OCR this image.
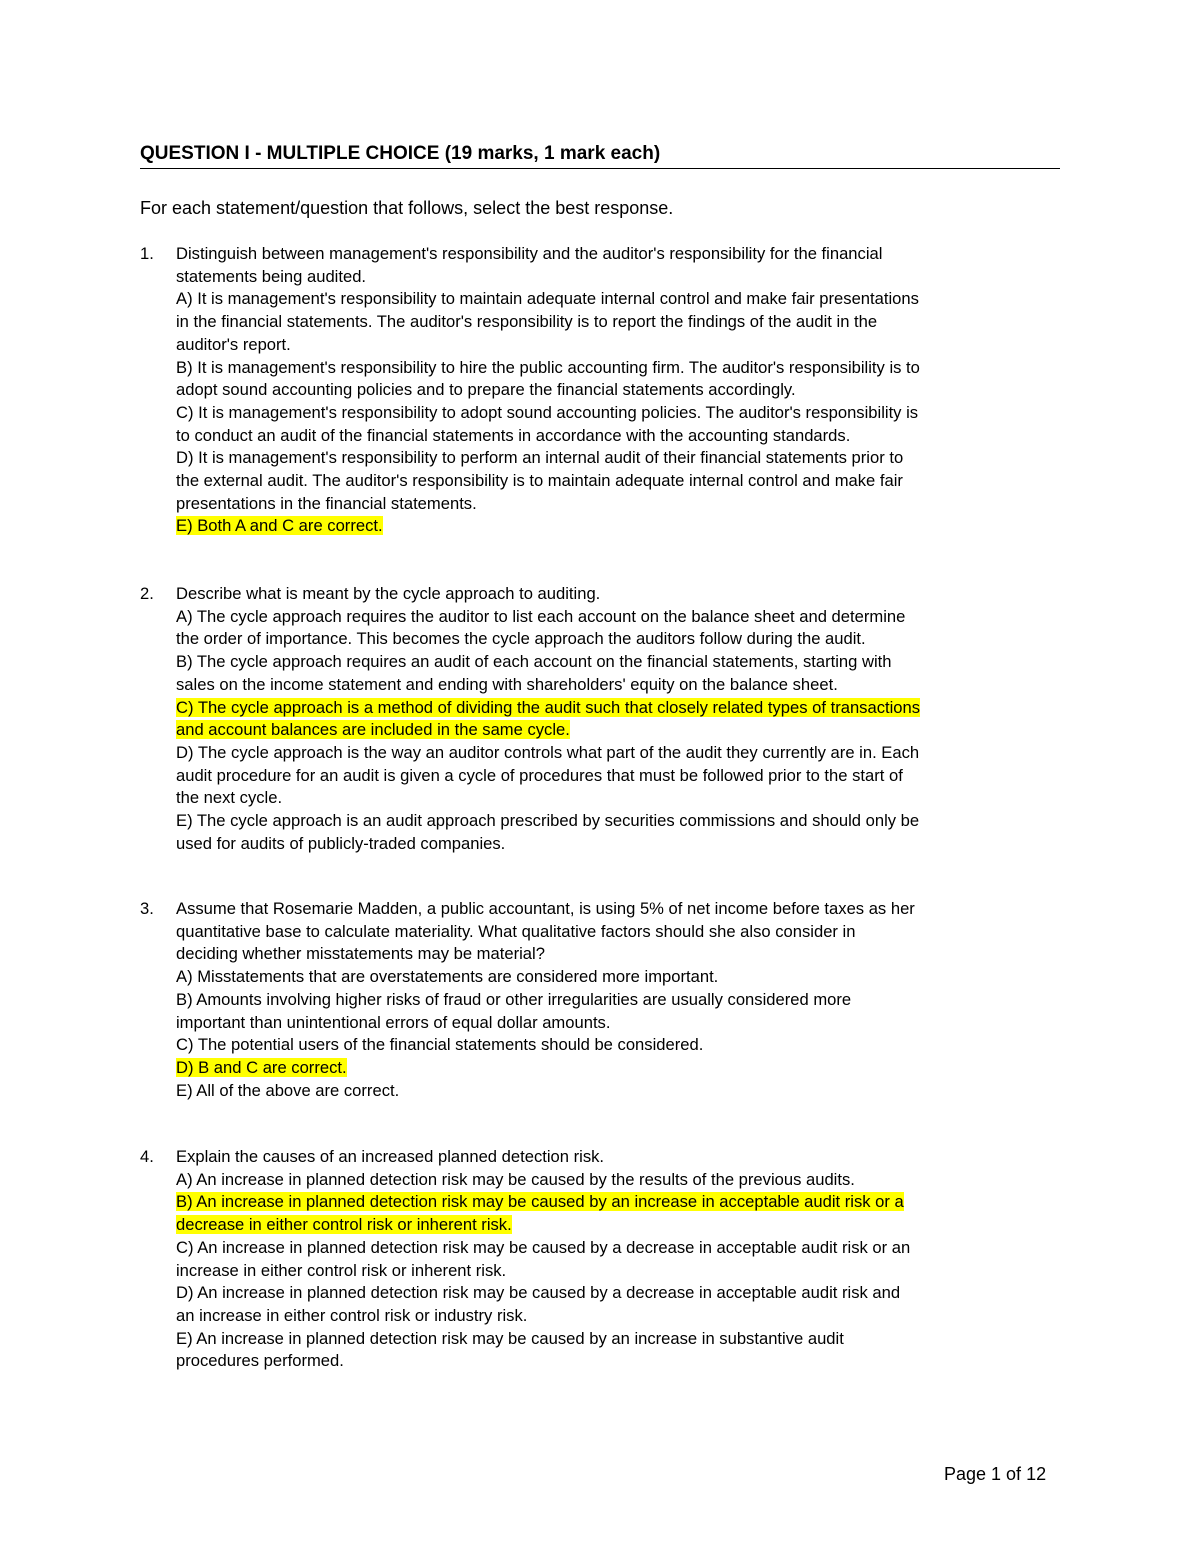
QUESTION I - MULTIPLE CHOICE (19 marks, 1 mark each)
For each statement/question that follows, select the best response.
1.	Distinguish between management's responsibility and the auditor's responsibility for the financial
statements being audited.
A) It is management's responsibility to maintain adequate internal control and make fair presentations
in the financial statements. The auditor's responsibility is to report the findings of the audit in the
auditor's report.
B) It is management's responsibility to hire the public accounting firm. The auditor's responsibility is to
adopt sound accounting policies and to prepare the financial statements accordingly.
C) It is management's responsibility to adopt sound accounting policies. The auditor's responsibility is
to conduct an audit of the financial statements in accordance with the accounting standards.
D) It is management's responsibility to perform an internal audit of their financial statements prior to
the external audit. The auditor's responsibility is to maintain adequate internal control and make fair
presentations in the financial statements.
E) Both A and C are correct.
2.	Describe what is meant by the cycle approach to auditing.
A) The cycle approach requires the auditor to list each account on the balance sheet and determine
the order of importance. This becomes the cycle approach the auditors follow during the audit.
B) The cycle approach requires an audit of each account on the financial statements, starting with
sales on the income statement and ending with shareholders' equity on the balance sheet.
C) The cycle approach is a method of dividing the audit such that closely related types of transactions
and account balances are included in the same cycle.
D) The cycle approach is the way an auditor controls what part of the audit they currently are in. Each
audit procedure for an audit is given a cycle of procedures that must be followed prior to the start of
the next cycle.
E) The cycle approach is an audit approach prescribed by securities commissions and should only be
used for audits of publicly-traded companies.
3.	Assume that Rosemarie Madden, a public accountant, is using 5% of net income before taxes as her
quantitative base to calculate materiality. What qualitative factors should she also consider in
deciding whether misstatements may be material?
A) Misstatements that are overstatements are considered more important.
B) Amounts involving higher risks of fraud or other irregularities are usually considered more
important than unintentional errors of equal dollar amounts.
C) The potential users of the financial statements should be considered.
D) B and C are correct.
E) All of the above are correct.
4.	Explain the causes of an increased planned detection risk.
A) An increase in planned detection risk may be caused by the results of the previous audits.
B) An increase in planned detection risk may be caused by an increase in acceptable audit risk or a
decrease in either control risk or inherent risk.
C) An increase in planned detection risk may be caused by a decrease in acceptable audit risk or an
increase in either control risk or inherent risk.
D) An increase in planned detection risk may be caused by a decrease in acceptable audit risk and
an increase in either control risk or industry risk.
E) An increase in planned detection risk may be caused by an increase in substantive audit
procedures performed.
Page 1 of 12
